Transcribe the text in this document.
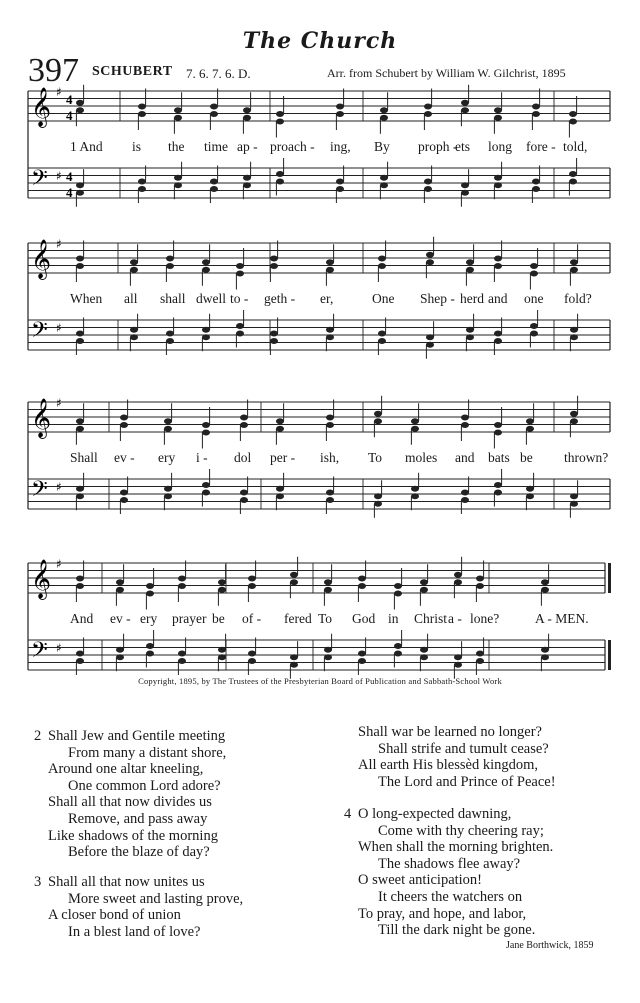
The Church
397 SCHUBERT 7. 6. 7. 6. D.	Arr. from Schubert by William W. Gilchrist, 1895
𝄞 ♯ 4
4
𝄢 ♯ 4
4
1 And is the time ap - proach - ing, By proph -
ets long fore - told,
𝄞 ♯
𝄢 ♯
When all shall dwell to - geth - er,	One Shep - herd and one fold?
𝄞 ♯
𝄢 ♯
Shall ev - ery i - dol per - ish, To moles and bats be thrown?
𝄞 ♯
𝄢 ♯
And ev - ery prayer be of - fered To God in Christ a - lone?	A - MEN.
Copyright, 1895, by The Trustees of the Presbyterian Board of Publication and Sabbath-School Work
2 Shall Jew and Gentile meeting
From many a distant shore,
Around one altar kneeling,
One common Lord adore?
Shall all that now divides us
Remove, and pass away
Like shadows of the morning
Before the blaze of day?
3 Shall all that now unites us
More sweet and lasting prove,
A closer bond of union
In a blest land of love?
Shall war be learned no longer?
Shall strife and tumult cease?
All earth His blessèd kingdom,
The Lord and Prince of Peace!
4 O long-expected dawning,
Come with thy cheering ray;
When shall the morning brighten.
The shadows flee away?
O sweet anticipation!
It cheers the watchers on
To pray, and hope, and labor,
Till the dark night be gone.
Jane Borthwick, 1859
